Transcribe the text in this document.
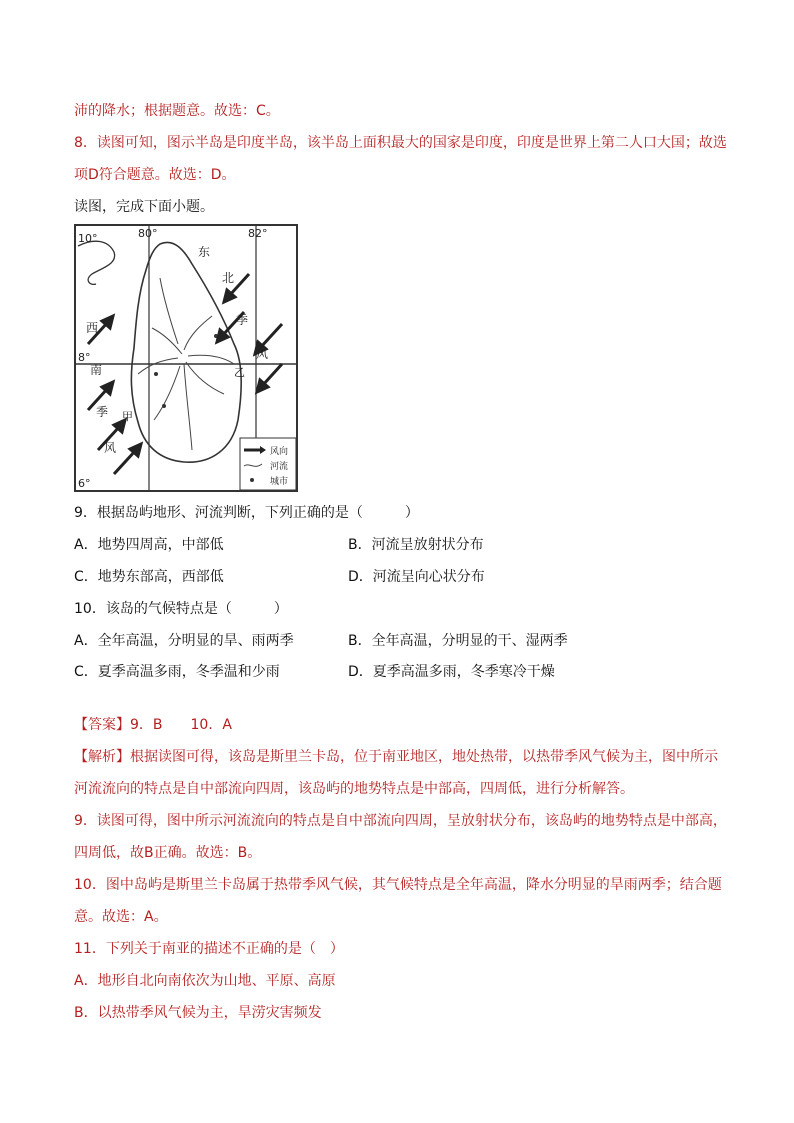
沛的降水；根据题意。故选：C。
8．读图可知，图示半岛是印度半岛，该半岛上面积最大的国家是印度，印度是世界上第二人口大国；故选
项D符合题意。故选：D。
读图，完成下面小题。
10°
8°
6°
80°	82°
东
北
季
风
乙
西
南
季 甲
风	风向
河流
城市
9．根据岛屿地形、河流判断，下列正确的是（　　　）
A．地势四周高，中部低	B．河流呈放射状分布
C．地势东部高，西部低	D．河流呈向心状分布
10．该岛的气候特点是（　　　）
A．全年高温，分明显的旱、雨两季	B．全年高温，分明显的干、湿两季
C．夏季高温多雨，冬季温和少雨	D．夏季高温多雨，冬季寒冷干燥
【答案】9．B　　10．A
【解析】根据读图可得，该岛是斯里兰卡岛，位于南亚地区，地处热带，以热带季风气候为主，图中所示
河流流向的特点是自中部流向四周，该岛屿的地势特点是中部高，四周低，进行分析解答。
9．读图可得，图中所示河流流向的特点是自中部流向四周，呈放射状分布，该岛屿的地势特点是中部高，
四周低，故B正确。故选：B。
10．图中岛屿是斯里兰卡岛属于热带季风气候，其气候特点是全年高温，降水分明显的旱雨两季；结合题
意。故选：A。
11．下列关于南亚的描述不正确的是（　）
A．地形自北向南依次为山地、平原、高原
B．以热带季风气候为主，旱涝灾害频发
